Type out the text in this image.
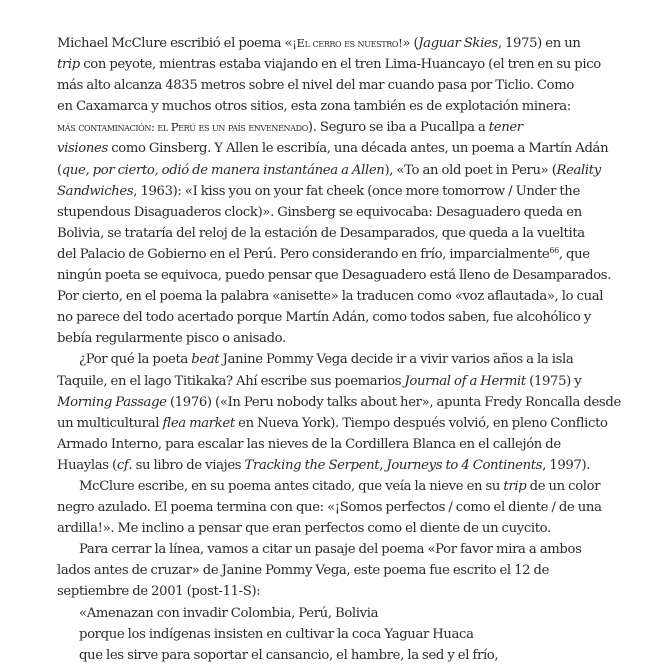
Michael McClure escribió el poema «¡El cerro es nuestro!» (Jaguar Skies, 1975) en un
trip con peyote, mientras estaba viajando en el tren Lima-Huancayo (el tren en su pico
más alto alcanza 4835 metros sobre el nivel del mar cuando pasa por Ticlio. Como
en Caxamarca y muchos otros sitios, esta zona también es de explotación minera:
más contaminación: el Perú es un país envenenado). Seguro se iba a Pucallpa a tener
visiones como Ginsberg. Y Allen le escribía, una década antes, un poema a Martín Adán
(que, por cierto, odió de manera instantánea a Allen), «To an old poet in Peru» (Reality
Sandwiches, 1963): «I kiss you on your fat cheek (once more tomorrow / Under the
stupendous Disaguaderos clock)». Ginsberg se equivocaba: Desaguadero queda en
Bolivia, se trataría del reloj de la estación de Desamparados, que queda a la vueltita
del Palacio de Gobierno en el Perú. Pero considerando en frío, imparcialmente$^{66}$, que
ningún poeta se equivoca, puedo pensar que Desaguadero está lleno de Desamparados.
Por cierto, en el poema la palabra «anisette» la traducen como «voz aflautada», lo cual
no parece del todo acertado porque Martín Adán, como todos saben, fue alcohólico y
bebía regularmente pisco o anisado.
¿Por qué la poeta beat Janine Pommy Vega decide ir a vivir varios años a la isla
Taquile, en el lago Titikaka? Ahí escribe sus poemarios Journal of a Hermit (1975) y
Morning Passage (1976) («In Peru nobody talks about her», apunta Fredy Roncalla desde
un multicultural flea market en Nueva York). Tiempo después volvió, en pleno Conflicto
Armado Interno, para escalar las nieves de la Cordillera Blanca en el callejón de
Huaylas (cf. su libro de viajes Tracking the Serpent, Journeys to 4 Continents, 1997).
McClure escribe, en su poema antes citado, que veía la nieve en su trip de un color
negro azulado. El poema termina con que: «¡Somos perfectos / como el diente / de una
ardilla!». Me inclino a pensar que eran perfectos como el diente de un cuycito.
Para cerrar la línea, vamos a citar un pasaje del poema «Por favor mira a ambos
lados antes de cruzar» de Janine Pommy Vega, este poema fue escrito el 12 de
septiembre de 2001 (post-11-S):
«Amenazan con invadir Colombia, Perú, Bolivia
porque los indígenas insisten en cultivar la coca Yaguar Huaca
que les sirve para soportar el cansancio, el hambre, la sed y el frío,
